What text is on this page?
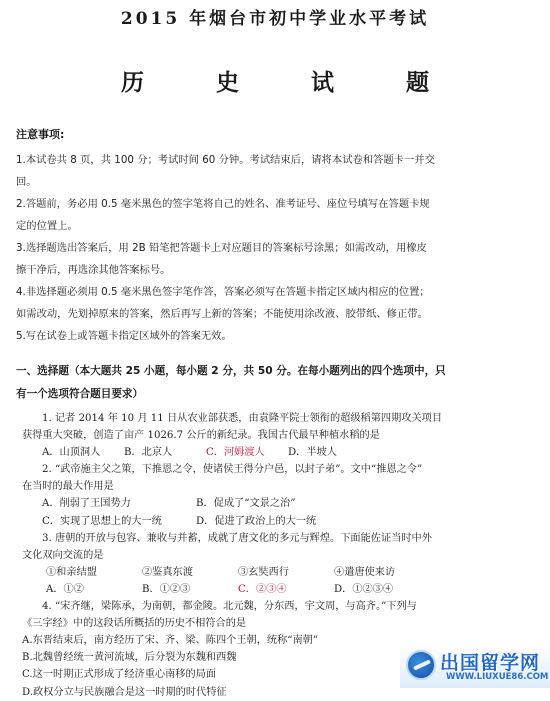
2015 年烟台市初中学业水平考试
历 史 试 题
注意事项:
1.本试卷共 8 页，共 100 分；考试时间 60 分钟。考试结束后，请将本试卷和答题卡一并交
回。
2.答题前，务必用 0.5 毫米黑色的签字笔将自己的姓名、准考证号、座位号填写在答题卡规
定的位置上。
3.选择题选出答案后，用 2B 铅笔把答题卡上对应题目的答案标号涂黑；如需改动，用橡皮
擦干净后，再选涂其他答案标号。
4.非选择题必须用 0.5 毫米黑色签字笔作答，答案必须写在答题卡指定区域内相应的位置；
如需改动，先划掉原来的答案，然后再写上新的答案；不能使用涂改液、胶带纸、修正带。
5.写在试卷上或答题卡指定区域外的答案无效。
一、选择题（本大题共 25 小题，每小题 2 分，共 50 分。在每小题列出的四个选项中，只
有一个选项符合题目要求）
1. 记者 2014 年 10 月 11 日从农业部获悉，由袁隆平院士领衔的超级稻第四期攻关项目
获得重大突破，创造了亩产 1026.7 公斤的新纪录。我国古代最早种植水稻的是
A．山顶洞人	B．北京人	C．河姆渡人	D．半坡人
2. “武帝施主父之策，下推恩之令，使诸侯王得分户邑，以封子弟”。文中“推恩之令”
在当时的最大作用是
A．削弱了王国势力	B．促成了“文景之治”
C．实现了思想上的大一统	D．促进了政治上的大一统
3. 唐朝的开放与包容、兼收与并蓄，成就了唐文化的多元与辉煌。下面能佐证当时中外
文化双向交流的是
①和亲结盟	②鉴真东渡	③玄奘西行	④遣唐使来访
A．①②	B．①②③	C．②③④	D．①②③④
4. “宋齐继，梁陈承，为南朝，都金陵。北元魏，分东西，宇文周，与高齐。”下列与
《三字经》中的这段话所概括的历史不相符合的是
A.东晋结束后，南方经历了宋、齐、梁、陈四个王朝，统称“南朝”
B.北魏曾经统一黄河流域，后分裂为东魏和西魏
C.这一时期正式形成了经济重心南移的局面
D.政权分立与民族融合是这一时期的时代特征
出国留学网
WWW.LIUXUE86.COM
